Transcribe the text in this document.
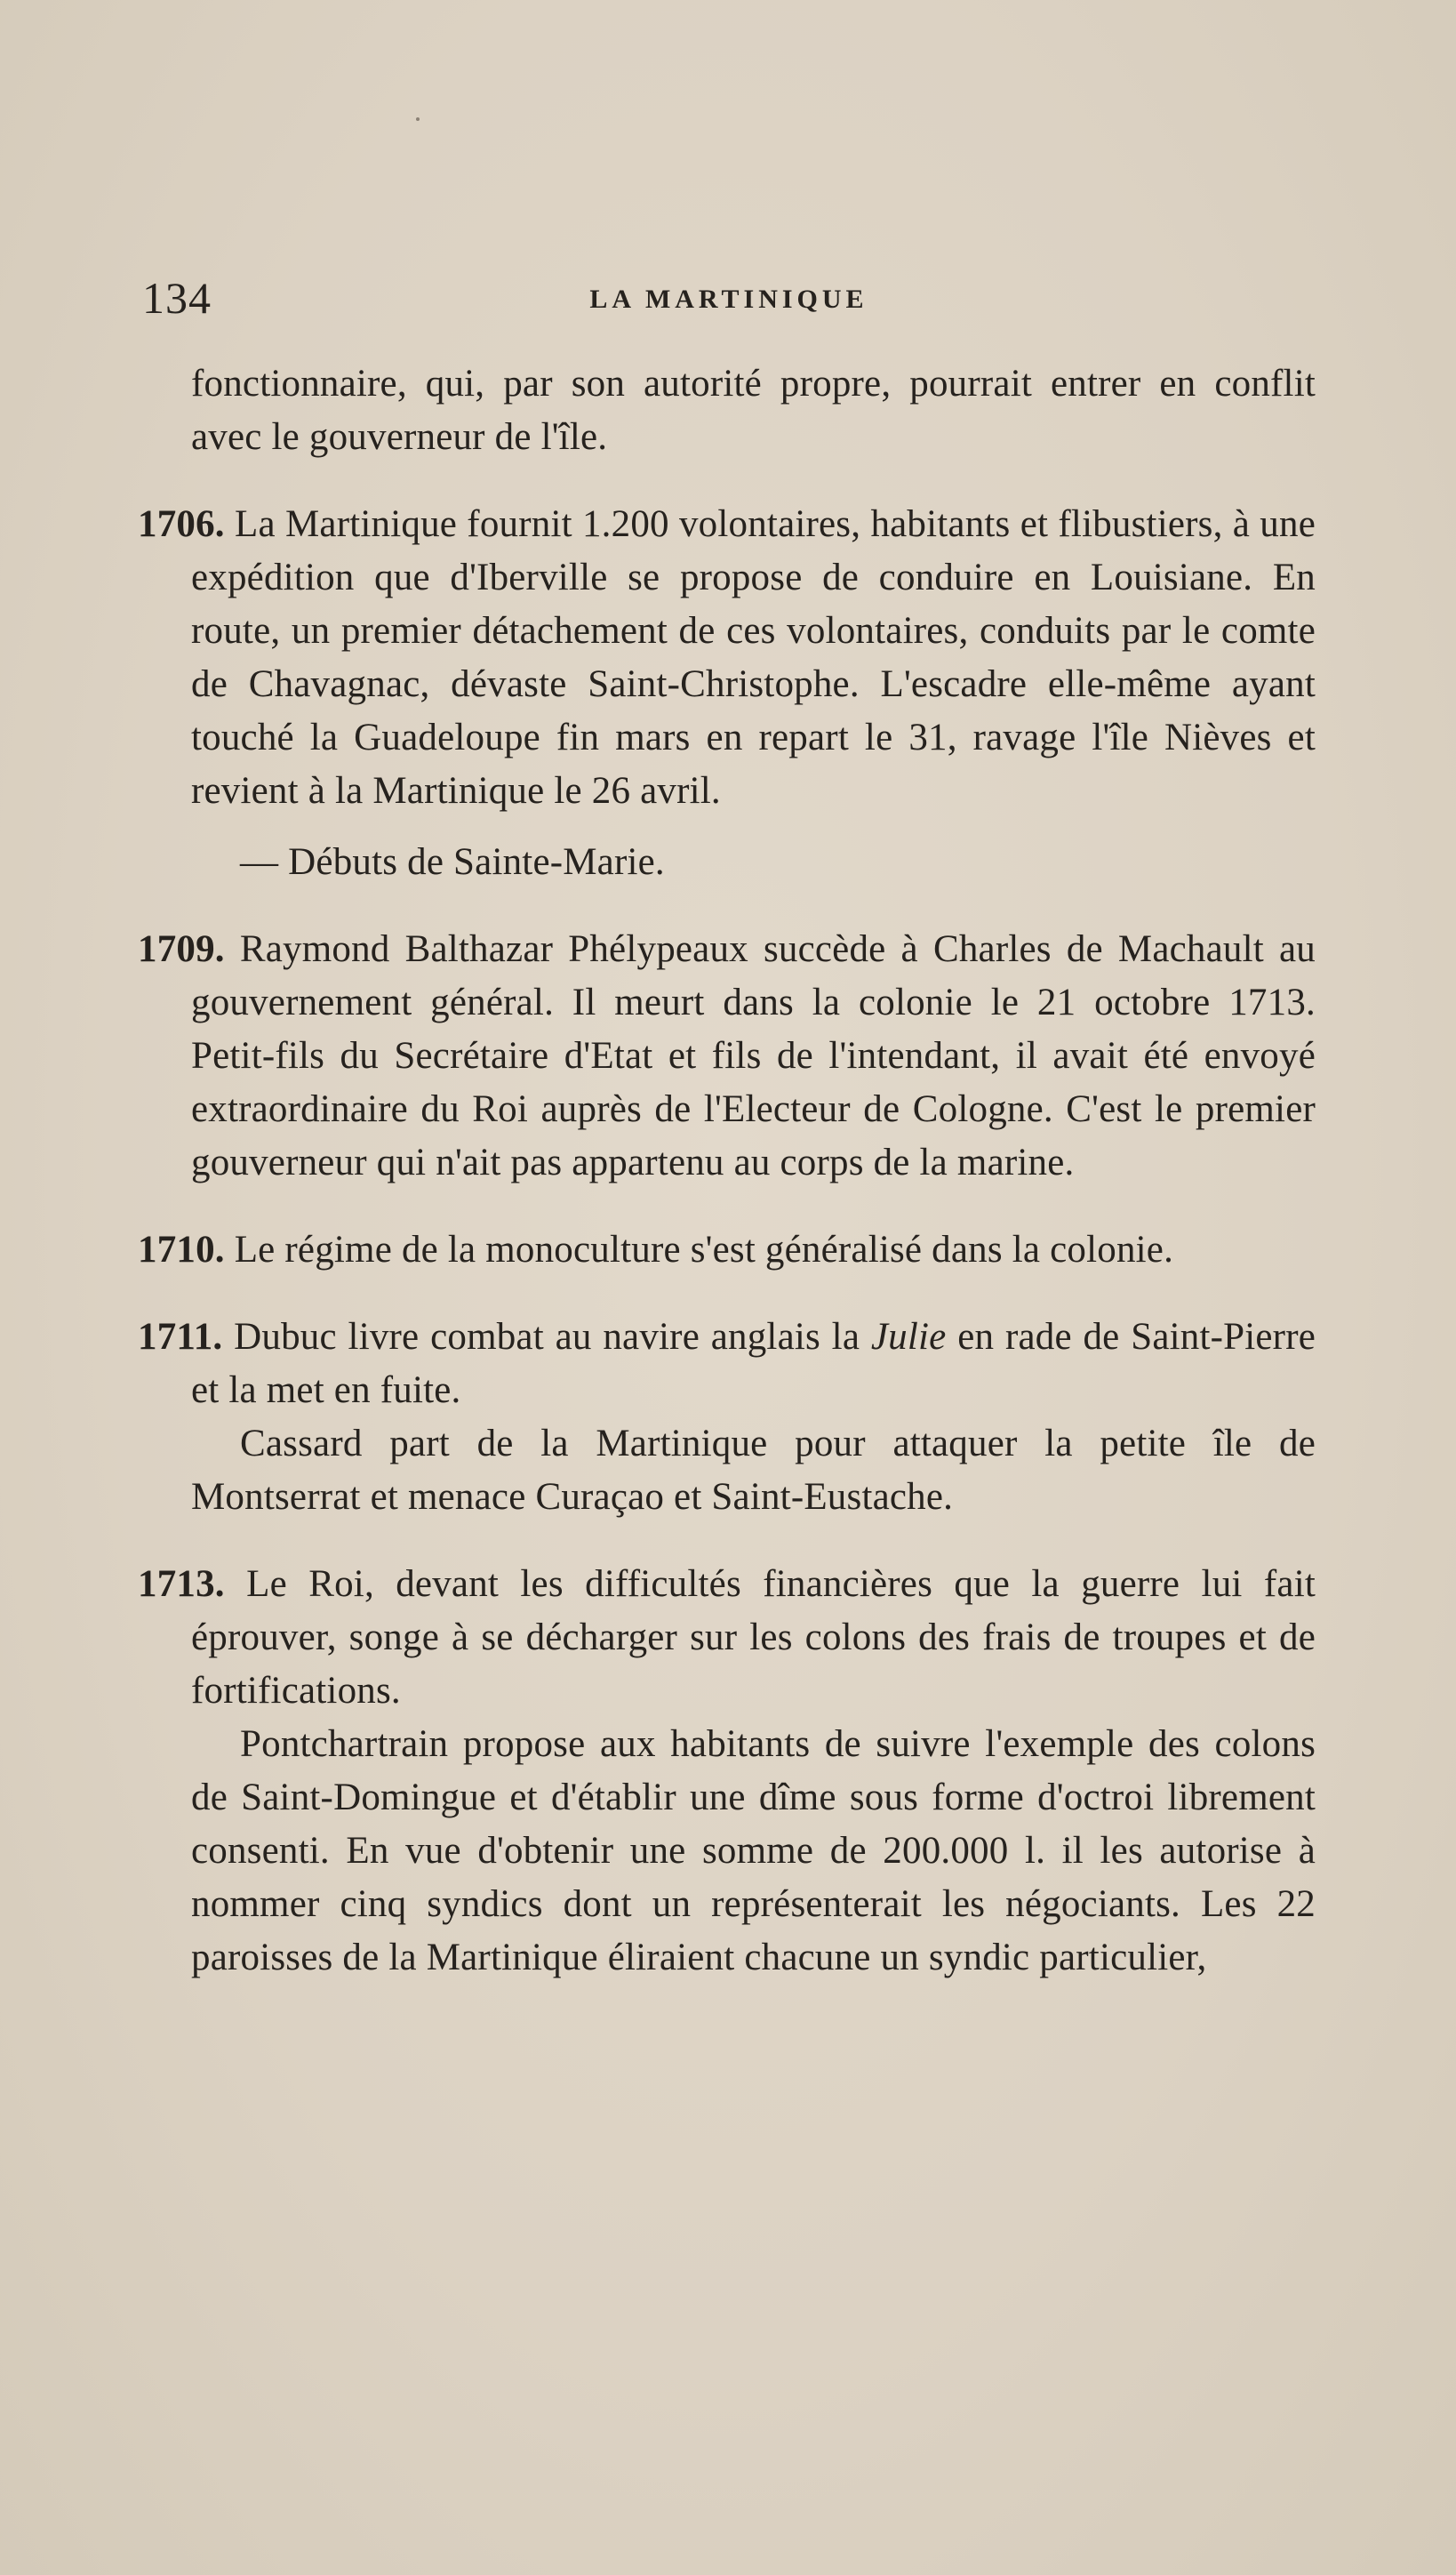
134	LA MARTINIQUE

fonctionnaire, qui, par son autorité propre, pourrait entrer en conflit avec le gouverneur de l'île.

1706. La Martinique fournit 1.200 volontaires, habitants et flibustiers, à une expédition que d'Iberville se propose de conduire en Louisiane. En route, un premier détachement de ces volontaires, conduits par le comte de Chavagnac, dévaste Saint-Christophe. L'escadre elle-même ayant touché la Guadeloupe fin mars en repart le 31, ravage l'île Nièves et revient à la Martinique le 26 avril.

— Débuts de Sainte-Marie.

1709. Raymond Balthazar Phélypeaux succède à Charles de Machault au gouvernement général. Il meurt dans la colonie le 21 octobre 1713. Petit-fils du Secrétaire d'Etat et fils de l'intendant, il avait été envoyé extraordinaire du Roi auprès de l'Electeur de Cologne. C'est le premier gouverneur qui n'ait pas appartenu au corps de la marine.

1710. Le régime de la monoculture s'est généralisé dans la colonie.

1711. Dubuc livre combat au navire anglais la Julie en rade de Saint-Pierre et la met en fuite.

Cassard part de la Martinique pour attaquer la petite île de Montserrat et menace Curaçao et Saint-Eustache.

1713. Le Roi, devant les difficultés financières que la guerre lui fait éprouver, songe à se décharger sur les colons des frais de troupes et de fortifications.

Pontchartrain propose aux habitants de suivre l'exemple des colons de Saint-Domingue et d'établir une dîme sous forme d'octroi librement consenti. En vue d'obtenir une somme de 200.000 l. il les autorise à nommer cinq syndics dont un représenterait les négociants. Les 22 paroisses de la Martinique éliraient chacune un syndic particulier,
